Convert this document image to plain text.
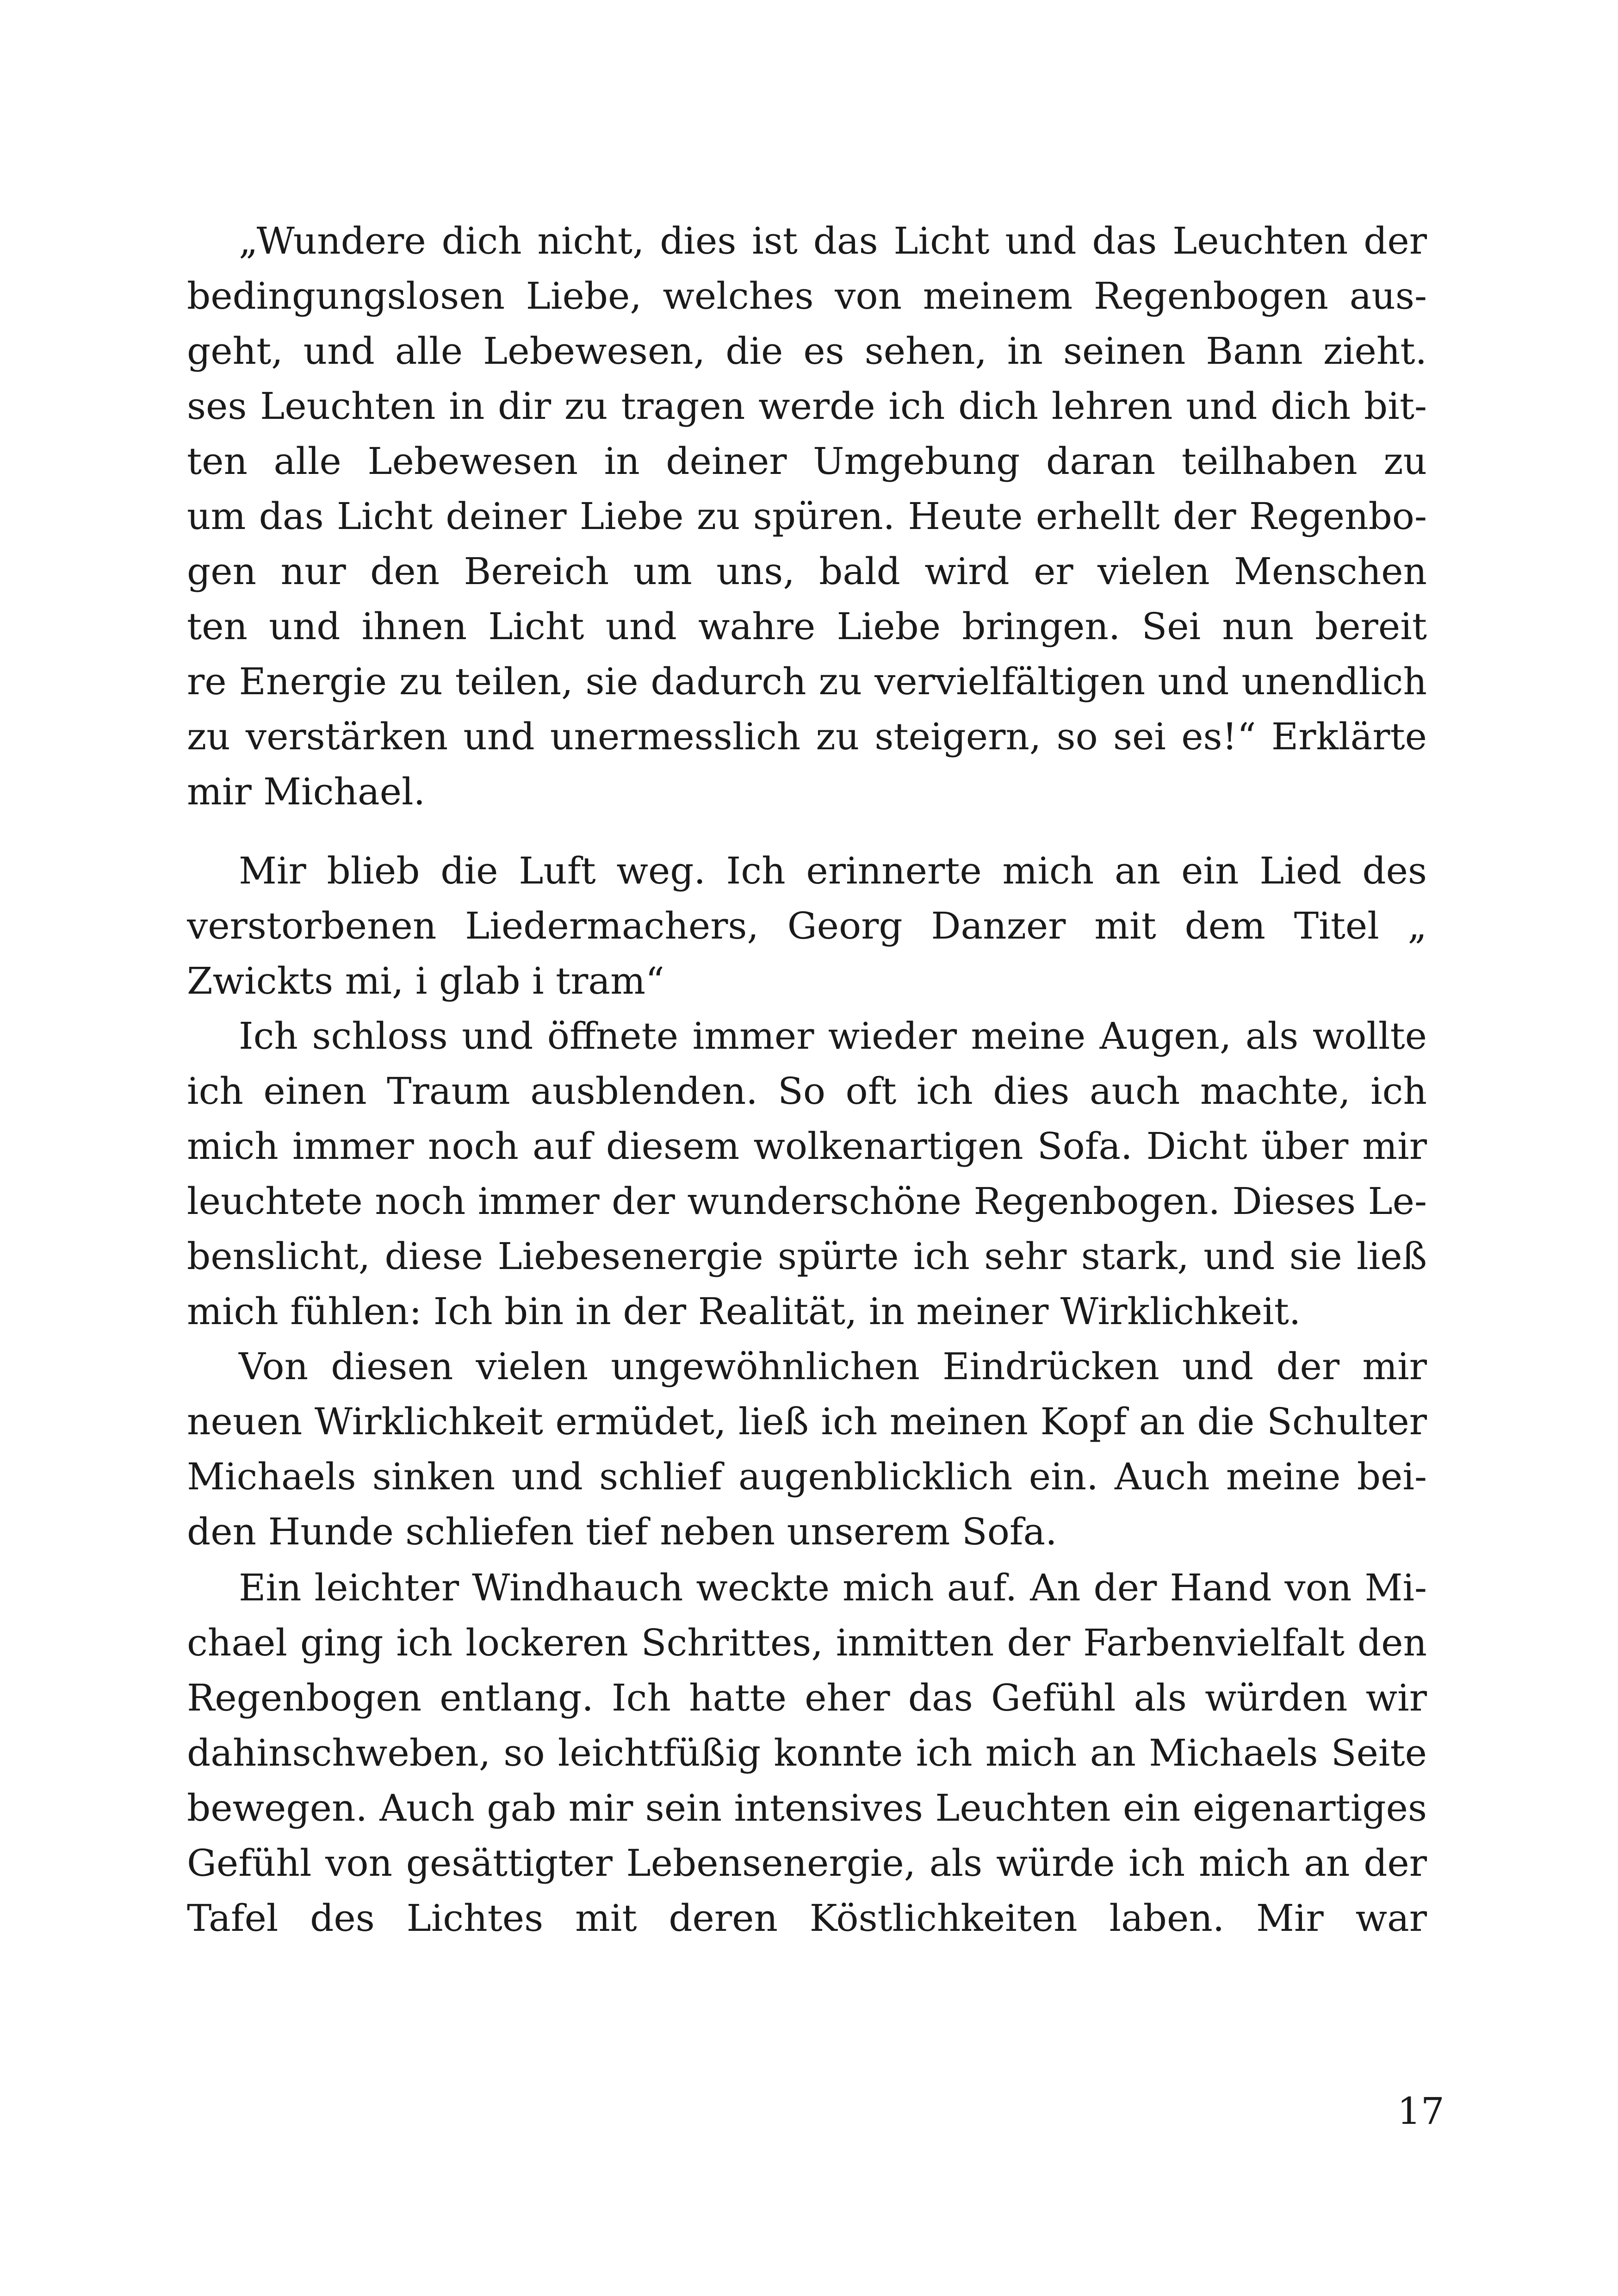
„Wundere dich nicht, dies ist das Licht und das Leuchten der
bedingungslosen Liebe, welches von meinem Regenbogen aus-
geht, und alle Lebewesen, die es sehen, in seinen Bann zieht.
ses Leuchten in dir zu tragen werde ich dich lehren und dich bit-
ten alle Lebewesen in deiner Umgebung daran teilhaben zu
um das Licht deiner Liebe zu spüren. Heute erhellt der Regenbo-
gen nur den Bereich um uns, bald wird er vielen Menschen
ten und ihnen Licht und wahre Liebe bringen. Sei nun bereit
re Energie zu teilen, sie dadurch zu vervielfältigen und unendlich
zu verstärken und unermesslich zu steigern, so sei es!“ Erklärte
mir Michael.
Mir blieb die Luft weg. Ich erinnerte mich an ein Lied des
verstorbenen Liedermachers, Georg Danzer mit dem Titel „
Zwickts mi, i glab i tram“
Ich schloss und öffnete immer wieder meine Augen, als wollte
ich einen Traum ausblenden. So oft ich dies auch machte, ich
mich immer noch auf diesem wolkenartigen Sofa. Dicht über mir
leuchtete noch immer der wunderschöne Regenbogen. Dieses Le-
benslicht, diese Liebesenergie spürte ich sehr stark, und sie ließ
mich fühlen: Ich bin in der Realität, in meiner Wirklichkeit.
Von diesen vielen ungewöhnlichen Eindrücken und der mir
neuen Wirklichkeit ermüdet, ließ ich meinen Kopf an die Schulter
Michaels sinken und schlief augenblicklich ein. Auch meine bei-
den Hunde schliefen tief neben unserem Sofa.
Ein leichter Windhauch weckte mich auf. An der Hand von Mi-
chael ging ich lockeren Schrittes, inmitten der Farbenvielfalt den
Regenbogen entlang. Ich hatte eher das Gefühl als würden wir
dahinschweben, so leichtfüßig konnte ich mich an Michaels Seite
bewegen. Auch gab mir sein intensives Leuchten ein eigenartiges
Gefühl von gesättigter Lebensenergie, als würde ich mich an der
Tafel des Lichtes mit deren Köstlichkeiten laben. Mir war
17
